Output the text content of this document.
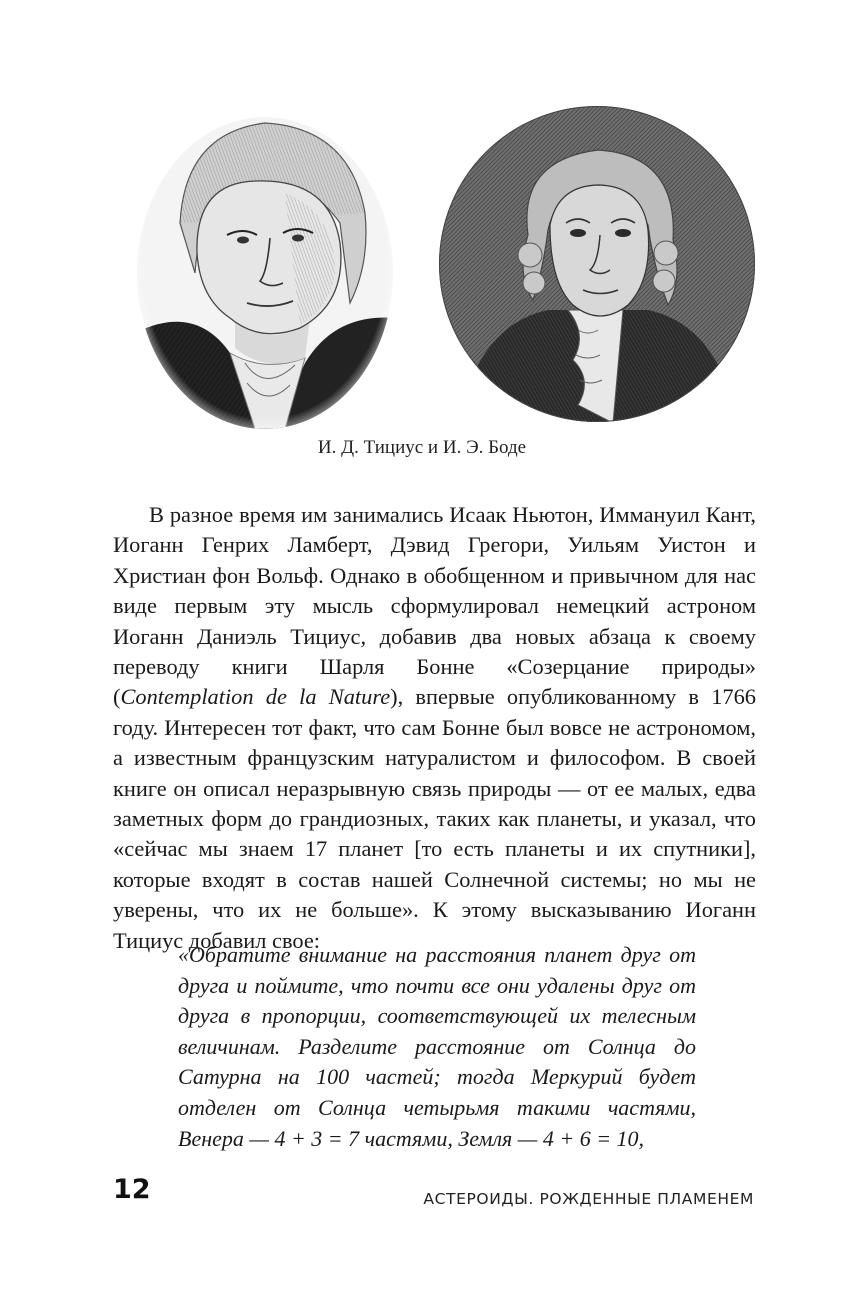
И. Д. Тициус и И. Э. Боде
В разное время им занимались Исаак Ньютон, Иммануил Кант, Иоганн Генрих Ламберт, Дэвид Грегори, Уильям Уистон и Христиан фон Вольф. Однако в обобщенном и привычном для нас виде первым эту мысль сформулировал немецкий астроном Иоганн Даниэль Тициус, добавив два новых абзаца к своему переводу книги Шарля Бонне «Созерцание природы» (Contemplation de la Nature), впервые опубликованному в 1766 году. Интересен тот факт, что сам Бонне был вовсе не астрономом, а известным французским натуралистом и философом. В своей книге он описал неразрывную связь природы — от ее малых, едва заметных форм до грандиозных, таких как планеты, и указал, что «сейчас мы знаем 17 планет [то есть планеты и их спутники], которые входят в состав нашей Солнечной системы; но мы не уверены, что их не больше». К этому высказыванию Иоганн Тициус добавил свое:
«Обратите внимание на расстояния планет друг от друга и поймите, что почти все они удалены друг от друга в пропорции, соответствующей их телесным величинам. Разделите расстояние от Солнца до Сатурна на 100 частей; тогда Меркурий будет отделен от Солнца четырьмя такими частями, Венера — 4 + 3 = 7 частями, Земля — 4 + 6 = 10,
12	АСТЕРОИДЫ. РОЖДЕННЫЕ ПЛАМЕНЕМ
